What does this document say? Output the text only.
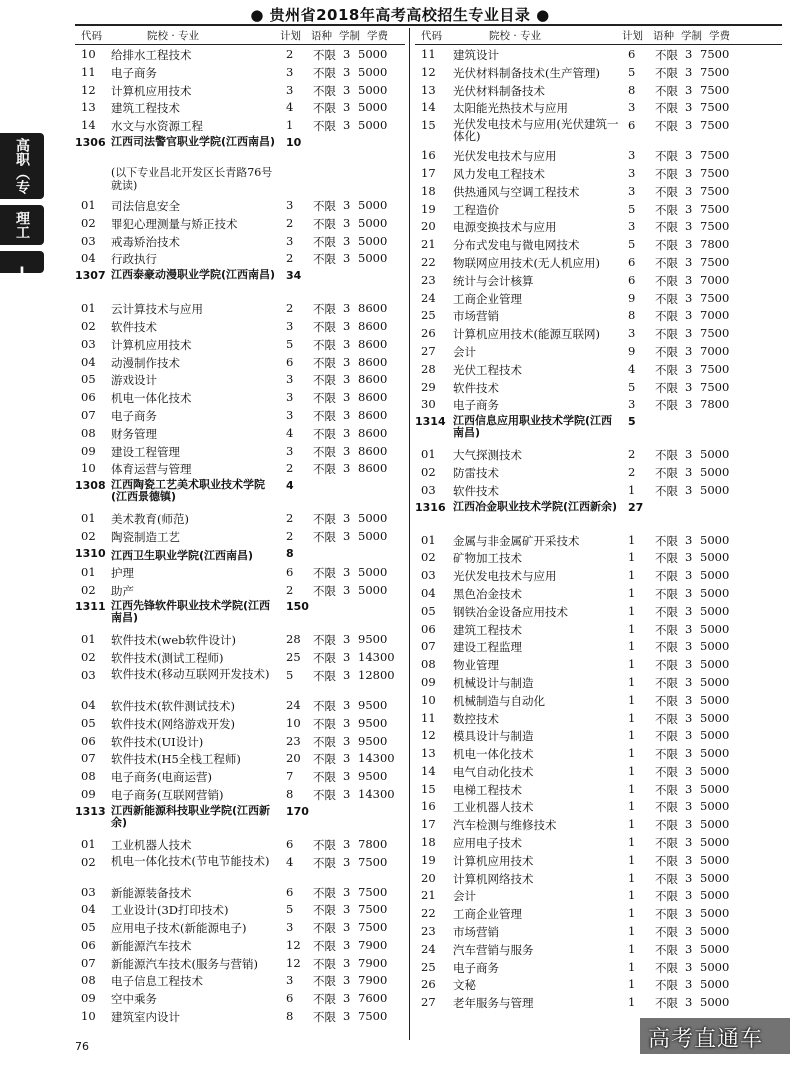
● 贵州省2018年高考高校招生专业目录 ●
高职（专
理工
J
代码	院校 · 专业	计划 语种 学制 学费
10 给排水工程技术	2 不限 3 5000
11 电子商务	3 不限 3 5000
12 计算机应用技术	3 不限 3 5000
13 建筑工程技术	4 不限 3 5000
14 水文与水资源工程	1 不限 3 5000
1306 江西司法警官职业学院(江西南昌) 10
(以下专业昌北开发区长青路76号就读)
01 司法信息安全	3 不限 3 5000
02 罪犯心理测量与矫正技术	2 不限 3 5000
03 戒毒矫治技术	3 不限 3 5000
04 行政执行	2 不限 3 5000
1307 江西泰豪动漫职业学院(江西南昌) 34
01 云计算技术与应用	2 不限 3 8600
02 软件技术	3 不限 3 8600
03 计算机应用技术	5 不限 3 8600
04 动漫制作技术	6 不限 3 8600
05 游戏设计	3 不限 3 8600
06 机电一体化技术	3 不限 3 8600
07 电子商务	3 不限 3 8600
08 财务管理	4 不限 3 8600
09 建设工程管理	3 不限 3 8600
10 体育运营与管理	2 不限 3 8600
1308 江西陶瓷工艺美术职业技术学院(江西景德镇)
4
01 美术教育(师范)	2 不限 3 5000
02 陶瓷制造工艺	2 不限 3 5000
1310 江西卫生职业学院(江西南昌)	8
01 护理	6 不限 3 5000
02 助产	2 不限 3 5000
1311 江西先锋软件职业技术学院(江西南昌)
150
01 软件技术(web软件设计)	28 不限 3 9500
02 软件技术(测试工程师)	25 不限 3 14300
03 软件技术(移动互联网开发技术)	5 不限 3 12800
04 软件技术(软件测试技术)	24 不限 3 9500
05 软件技术(网络游戏开发)	10 不限 3 9500
06 软件技术(UI设计)	23 不限 3 9500
07 软件技术(H5全栈工程师)	20 不限 3 14300
08 电子商务(电商运营)	7 不限 3 9500
09 电子商务(互联网营销)	8 不限 3 14300
1313 江西新能源科技职业学院(江西新余)
170
01 工业机器人技术	6 不限 3 7800
02 机电一体化技术(节电节能技术)	4 不限 3 7500
03 新能源装备技术	6 不限 3 7500
04 工业设计(3D打印技术)	5 不限 3 7500
05 应用电子技术(新能源电子)	3 不限 3 7500
06 新能源汽车技术	12 不限 3 7900
07 新能源汽车技术(服务与营销) 12 不限 3 7900
08 电子信息工程技术	3 不限 3 7900
09 空中乘务	6 不限 3 7600
10 建筑室内设计	8 不限 3 7500
代码	院校 · 专业	计划 语种 学制 学费
11 建筑设计	6 不限 3 7500
12 光伏材料制备技术(生产管理) 5 不限 3 7500
13 光伏材料制备技术	8 不限 3 7500
14 太阳能光热技术与应用	3 不限 3 7500
15 光伏发电技术与应用(光伏建筑一体化)
6 不限 3 7500
16 光伏发电技术与应用	3 不限 3 7500
17 风力发电工程技术	3 不限 3 7500
18 供热通风与空调工程技术	3 不限 3 7500
19 工程造价	5 不限 3 7500
20 电源变换技术与应用	3 不限 3 7500
21 分布式发电与微电网技术	5 不限 3 7800
22 物联网应用技术(无人机应用) 6 不限 3 7500
23 统计与会计核算	6 不限 3 7000
24 工商企业管理	9 不限 3 7500
25 市场营销	8 不限 3 7000
26 计算机应用技术(能源互联网) 3 不限 3 7500
27 会计	9 不限 3 7000
28 光伏工程技术	4 不限 3 7500
29 软件技术	5 不限 3 7500
30 电子商务	3 不限 3 7800
1314 江西信息应用职业技术学院(江西南昌)
5
01 大气探测技术	2 不限 3 5000
02 防雷技术	2 不限 3 5000
03 软件技术	1 不限 3 5000
1316 江西冶金职业技术学院(江西新余) 27
01 金属与非金属矿开采技术	1 不限 3 5000
02 矿物加工技术	1 不限 3 5000
03 光伏发电技术与应用	1 不限 3 5000
04 黑色冶金技术	1 不限 3 5000
05 钢铁冶金设备应用技术	1 不限 3 5000
06 建筑工程技术	1 不限 3 5000
07 建设工程监理	1 不限 3 5000
08 物业管理	1 不限 3 5000
09 机械设计与制造	1 不限 3 5000
10 机械制造与自动化	1 不限 3 5000
11 数控技术	1 不限 3 5000
12 模具设计与制造	1 不限 3 5000
13 机电一体化技术	1 不限 3 5000
14 电气自动化技术	1 不限 3 5000
15 电梯工程技术	1 不限 3 5000
16 工业机器人技术	1 不限 3 5000
17 汽车检测与维修技术	1 不限 3 5000
18 应用电子技术	1 不限 3 5000
19 计算机应用技术	1 不限 3 5000
20 计算机网络技术	1 不限 3 5000
21 会计	1 不限 3 5000
22 工商企业管理	1 不限 3 5000
23 市场营销	1 不限 3 5000
24 汽车营销与服务	1 不限 3 5000
25 电子商务	1 不限 3 5000
26 文秘	1 不限 3 5000
27 老年服务与管理	1 不限 3 5000
76	高考直通车
